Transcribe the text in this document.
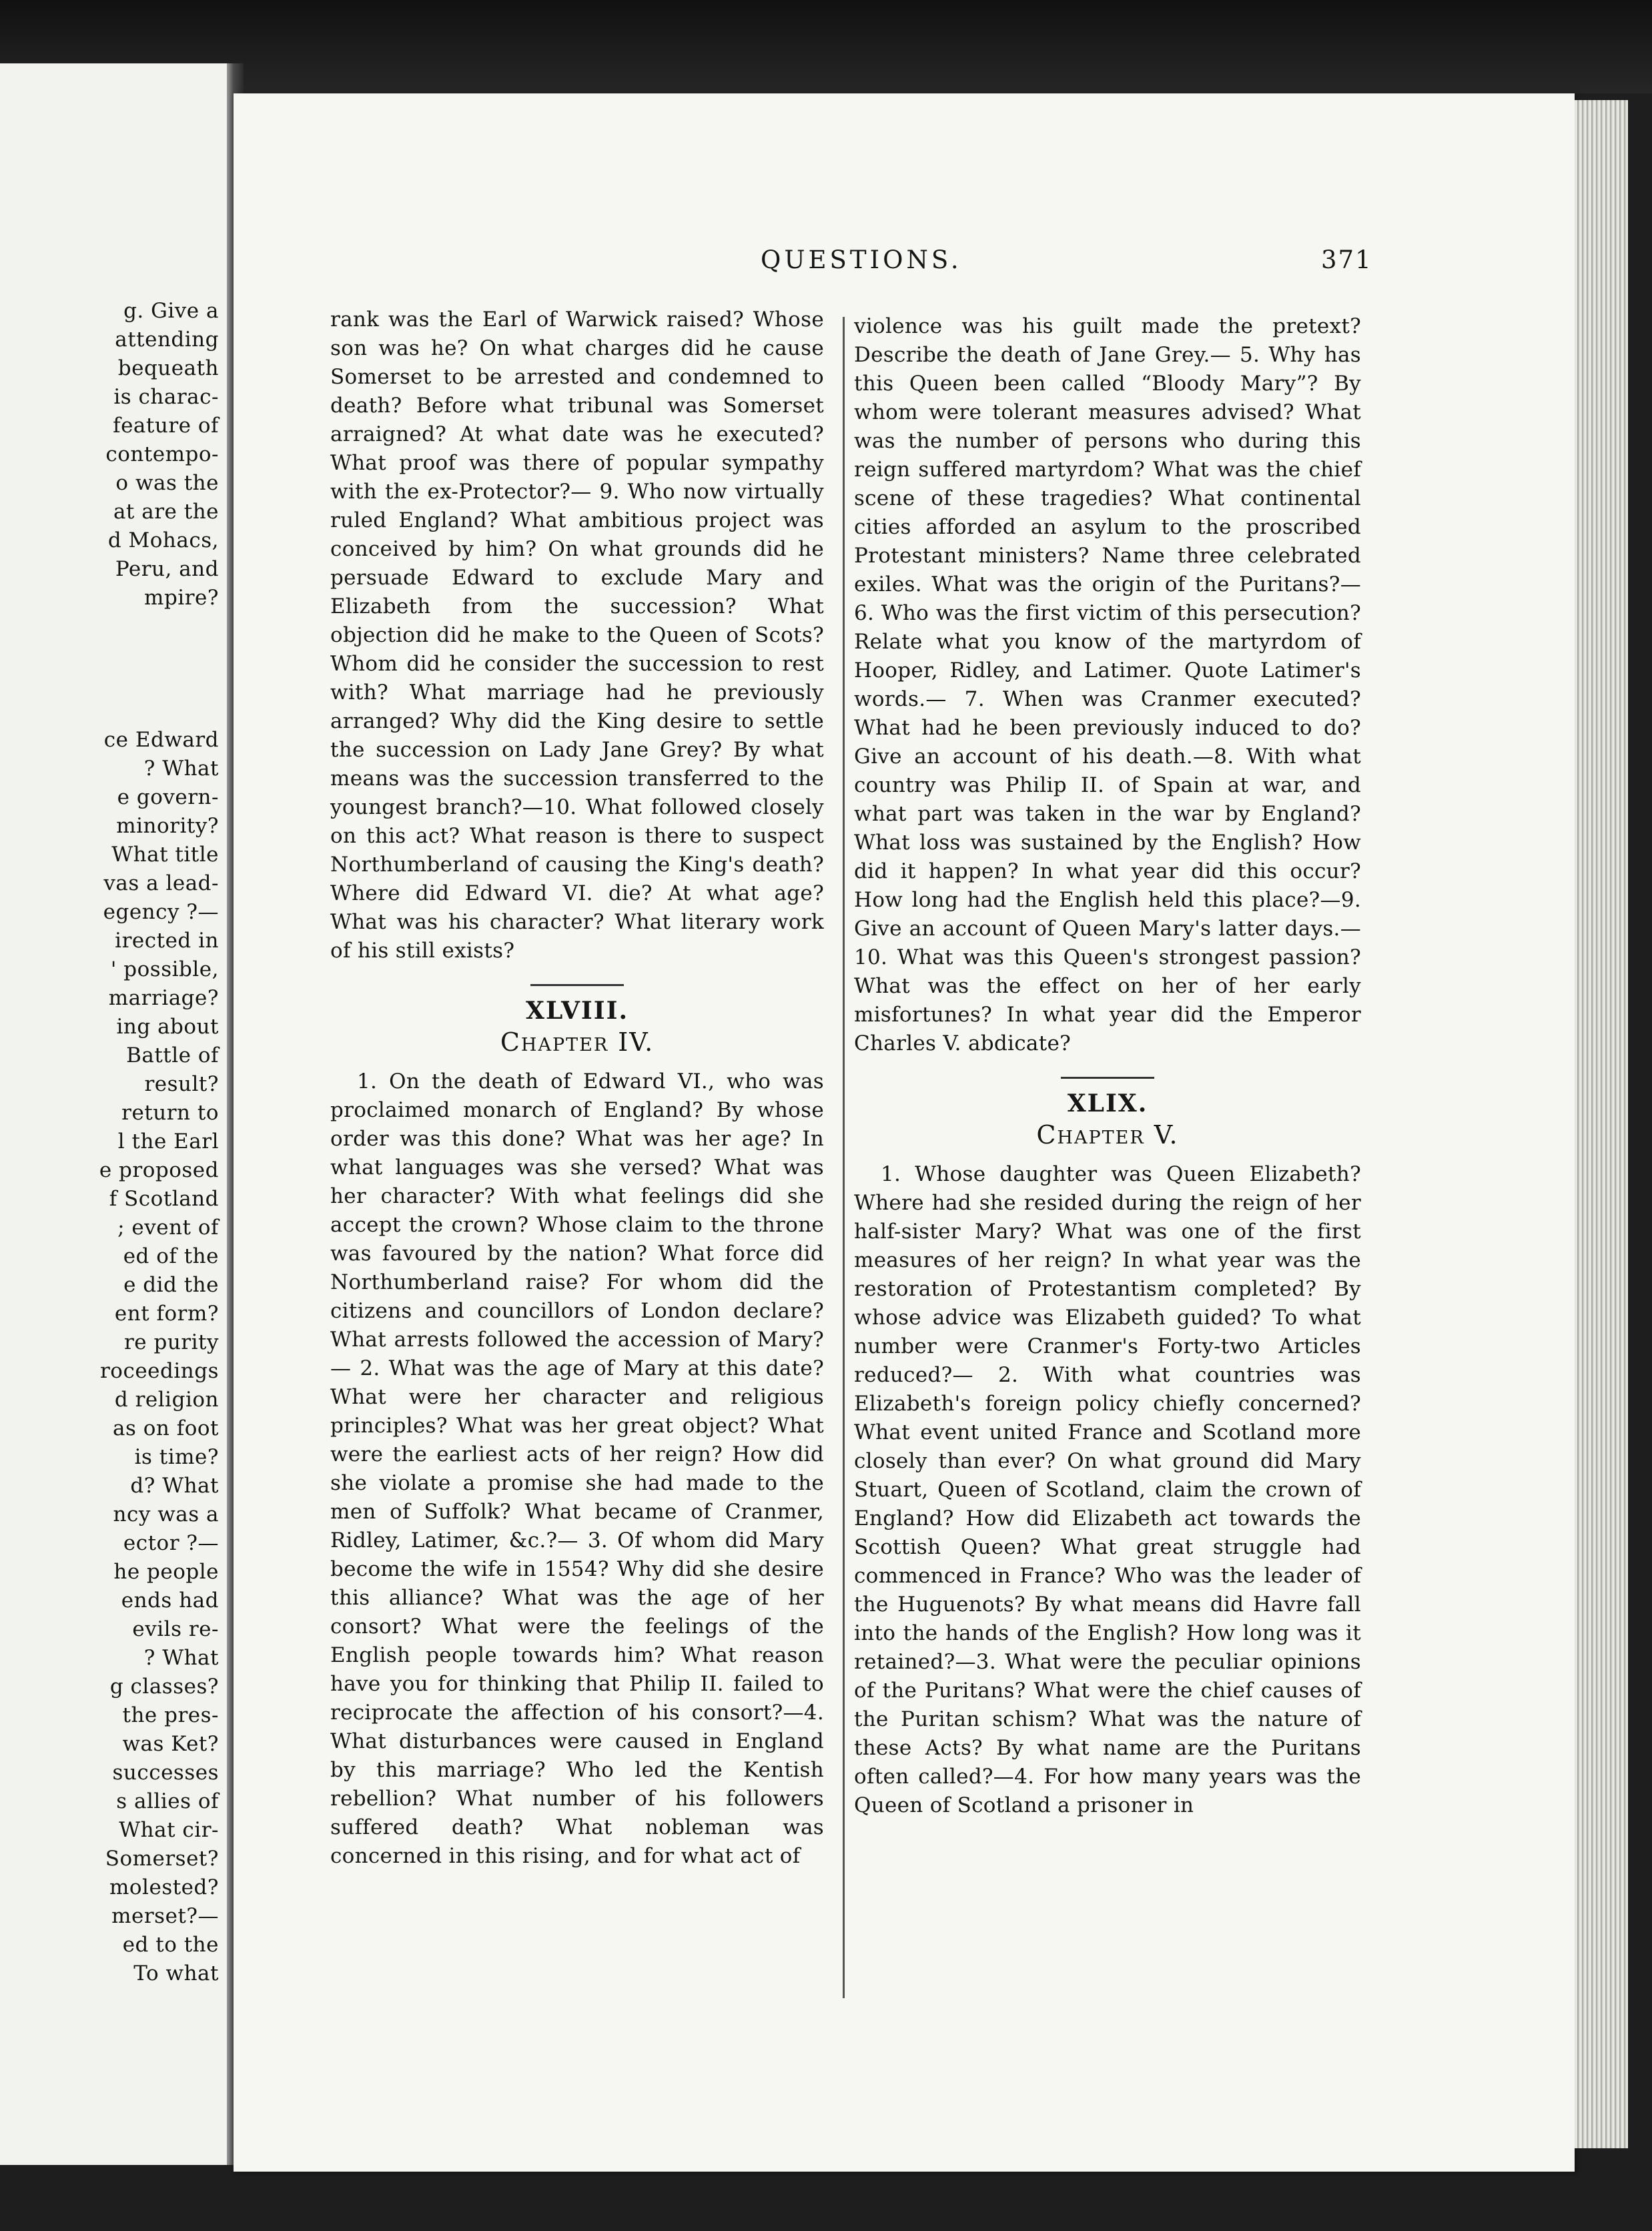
QUESTIONS.	371

rank was the Earl of Warwick raised? Whose son was he? On what charges did he cause Somerset to be arrested and condemned to death? Before what tribunal was Somerset arraigned? At what date was he executed? What proof was there of popular sympathy with the ex-Protector?— 9. Who now virtually ruled England? What ambitious project was conceived by him? On what grounds did he persuade Edward to exclude Mary and Elizabeth from the succession? What objection did he make to the Queen of Scots? Whom did he consider the succession to rest with? What marriage had he previously arranged? Why did the King desire to settle the succession on Lady Jane Grey? By what means was the succession transferred to the youngest branch?—10. What followed closely on this act? What reason is there to suspect Northumberland of causing the King's death? Where did Edward VI. die? At what age? What was his character? What literary work of his still exists?

XLVIII.
Chapter IV.

1. On the death of Edward VI., who was proclaimed monarch of England? By whose order was this done? What was her age? In what languages was she versed? What was her character? With what feelings did she accept the crown? Whose claim to the throne was favoured by the nation? What force did Northumberland raise? For whom did the citizens and councillors of London declare? What arrests followed the accession of Mary?— 2. What was the age of Mary at this date? What were her character and religious principles? What was her great object? What were the earliest acts of her reign? How did she violate a promise she had made to the men of Suffolk? What became of Cranmer, Ridley, Latimer, &c.?— 3. Of whom did Mary become the wife in 1554? Why did she desire this alliance? What was the age of her consort? What were the feelings of the English people towards him? What reason have you for thinking that Philip II. failed to reciprocate the affection of his consort?—4. What disturbances were caused in England by this marriage? Who led the Kentish rebellion? What number of his followers suffered death? What nobleman was concerned in this rising, and for what act of

violence was his guilt made the pretext? Describe the death of Jane Grey.— 5. Why has this Queen been called “Bloody Mary”? By whom were tolerant measures advised? What was the number of persons who during this reign suffered martyrdom? What was the chief scene of these tragedies? What continental cities afforded an asylum to the proscribed Protestant ministers? Name three celebrated exiles. What was the origin of the Puritans?—6. Who was the first victim of this persecution? Relate what you know of the martyrdom of Hooper, Ridley, and Latimer. Quote Latimer's words.— 7. When was Cranmer executed? What had he been previously induced to do? Give an account of his death.—8. With what country was Philip II. of Spain at war, and what part was taken in the war by England? What loss was sustained by the English? How did it happen? In what year did this occur? How long had the English held this place?—9. Give an account of Queen Mary's latter days.— 10. What was this Queen's strongest passion? What was the effect on her of her early misfortunes? In what year did the Emperor Charles V. abdicate?

XLIX.
Chapter V.

1. Whose daughter was Queen Elizabeth? Where had she resided during the reign of her half-sister Mary? What was one of the first measures of her reign? In what year was the restoration of Protestantism completed? By whose advice was Elizabeth guided? To what number were Cranmer's Forty-two Articles reduced?— 2. With what countries was Elizabeth's foreign policy chiefly concerned? What event united France and Scotland more closely than ever? On what ground did Mary Stuart, Queen of Scotland, claim the crown of England? How did Elizabeth act towards the Scottish Queen? What great struggle had commenced in France? Who was the leader of the Huguenots? By what means did Havre fall into the hands of the English? How long was it retained?—3. What were the peculiar opinions of the Puritans? What were the chief causes of the Puritan schism? What was the nature of these Acts? By what name are the Puritans often called?—4. For how many years was the Queen of Scotland a prisoner in

g. Give a
attending
bequeath
is charac-
feature of
contempo-
o was the
at are the
d Mohacs,
Peru, and
mpire?
ce Edward
? What
e govern-
minority?
What title
vas a lead-
egency ?—
irected in
' possible,
marriage?
ing about
Battle of
result?
return to
l the Earl
e proposed
f Scotland
; event of
ed of the
e did the
ent form?
re purity
roceedings
d religion
as on foot
is time?
d? What
ncy was a
ector ?—
he people
ends had
evils re-
? What
g classes?
the pres-
was Ket?
successes
s allies of
What cir-
Somerset?
molested?
merset?—
ed to the
To what
